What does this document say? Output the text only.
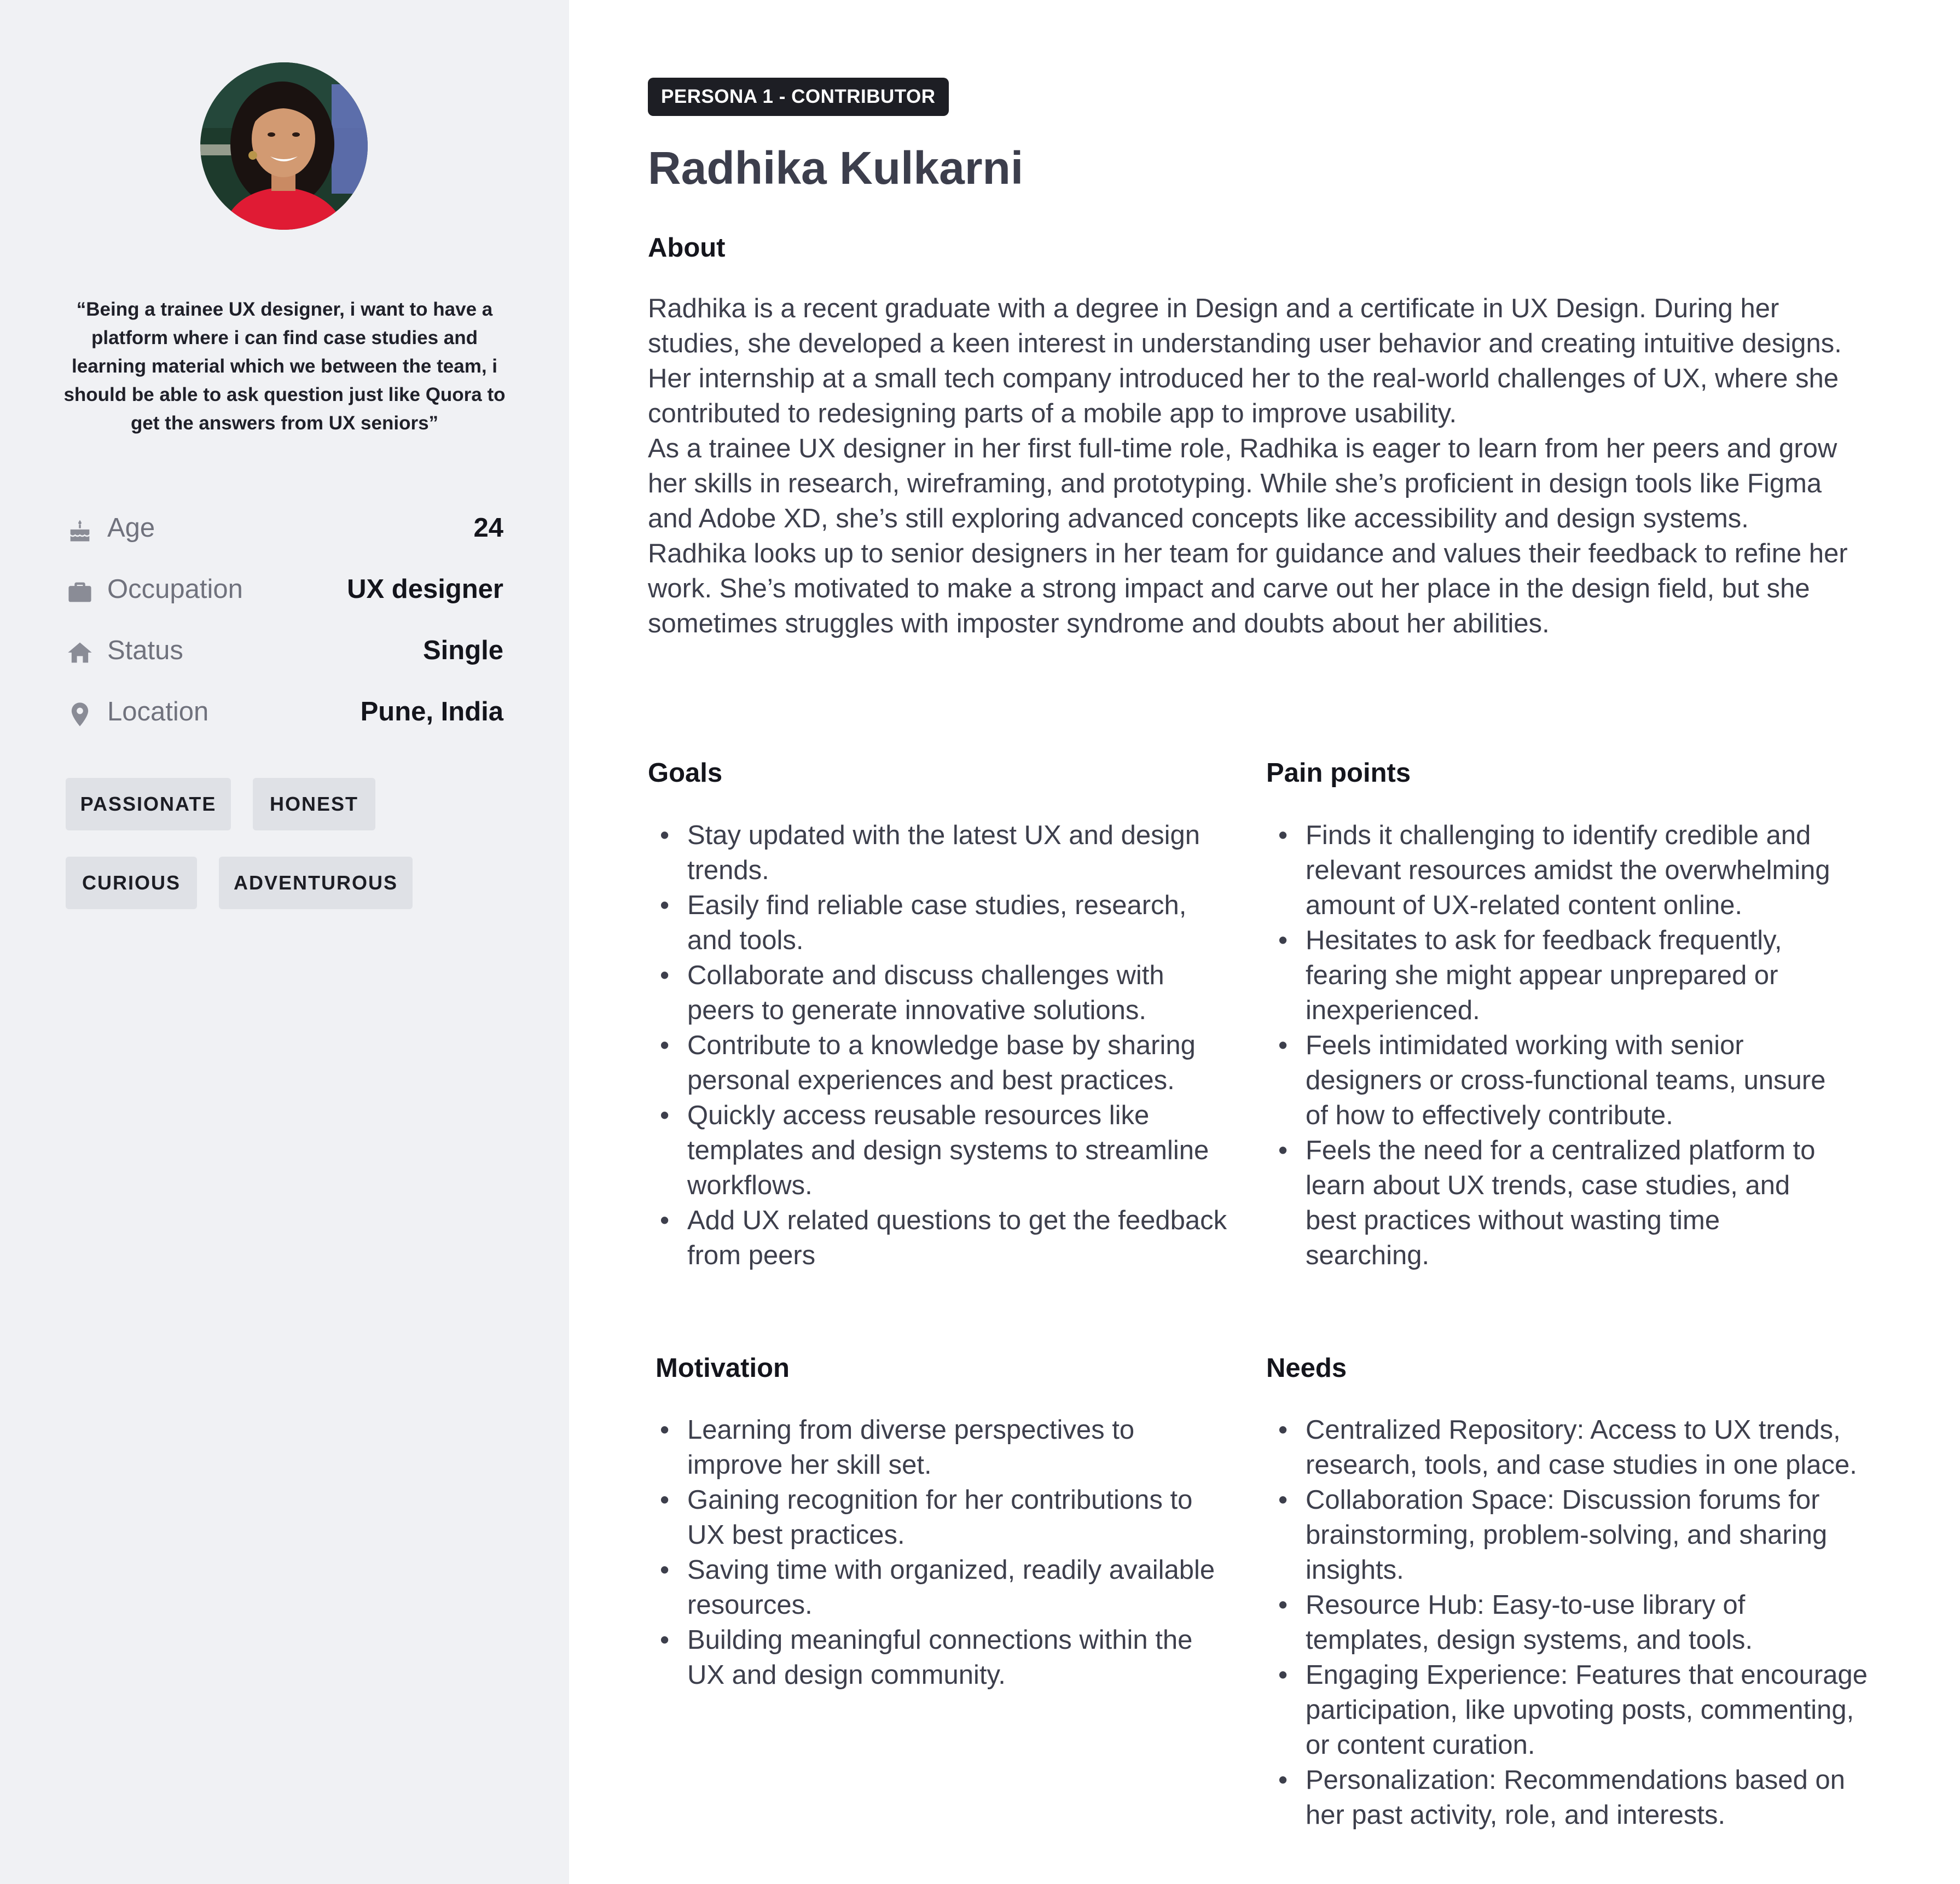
“Being a trainee UX designer, i want to have a platform where i can find case studies and learning material which we between the team, i should be able to ask question just like Quora to get the answers from UX seniors”
Age	24
Occupation	UX designer
Status	Single
Location	Pune, India
PASSIONATE	HONEST
CURIOUS	ADVENTUROUS
PERSONA 1 - CONTRIBUTOR
Radhika Kulkarni
About

Radhika is a recent graduate with a degree in Design and a certificate in UX Design. During her studies, she developed a keen interest in understanding user behavior and creating intuitive designs. Her internship at a small tech company introduced her to the real-world challenges of UX, where she contributed to redesigning parts of a mobile app to improve usability.

As a trainee UX designer in her first full-time role, Radhika is eager to learn from her peers and grow her skills in research, wireframing, and prototyping. While she’s proficient in design tools like Figma and Adobe XD, she’s still exploring advanced concepts like accessibility and design systems.

Radhika looks up to senior designers in her team for guidance and values their feedback to refine her work. She’s motivated to make a strong impact and carve out her place in the design field, but she sometimes struggles with imposter syndrome and doubts about her abilities.

Goals
• Stay updated with the latest UX and design trends.
• Easily find reliable case studies, research, and tools.
• Collaborate and discuss challenges with peers to generate innovative solutions.
• Contribute to a knowledge base by sharing personal experiences and best practices.
• Quickly access reusable resources like templates and design systems to streamline workflows.
• Add UX related questions to get the feedback from peers
Pain points
• Finds it challenging to identify credible and relevant resources amidst the overwhelming amount of UX-related content online.
• Hesitates to ask for feedback frequently, fearing she might appear unprepared or inexperienced.
• Feels intimidated working with senior designers or cross-functional teams, unsure of how to effectively contribute.
• Feels the need for a centralized platform to learn about UX trends, case studies, and best practices without wasting time searching.
Motivation
• Learning from diverse perspectives to improve her skill set.
• Gaining recognition for her contributions to UX best practices.
• Saving time with organized, readily available resources.
• Building meaningful connections within the UX and design community.
Needs
• Centralized Repository: Access to UX trends, research, tools, and case studies in one place.
• Collaboration Space: Discussion forums for brainstorming, problem-solving, and sharing insights.
• Resource Hub: Easy-to-use library of templates, design systems, and tools.
• Engaging Experience: Features that encourage participation, like upvoting posts, commenting, or content curation.
• Personalization: Recommendations based on her past activity, role, and interests.
